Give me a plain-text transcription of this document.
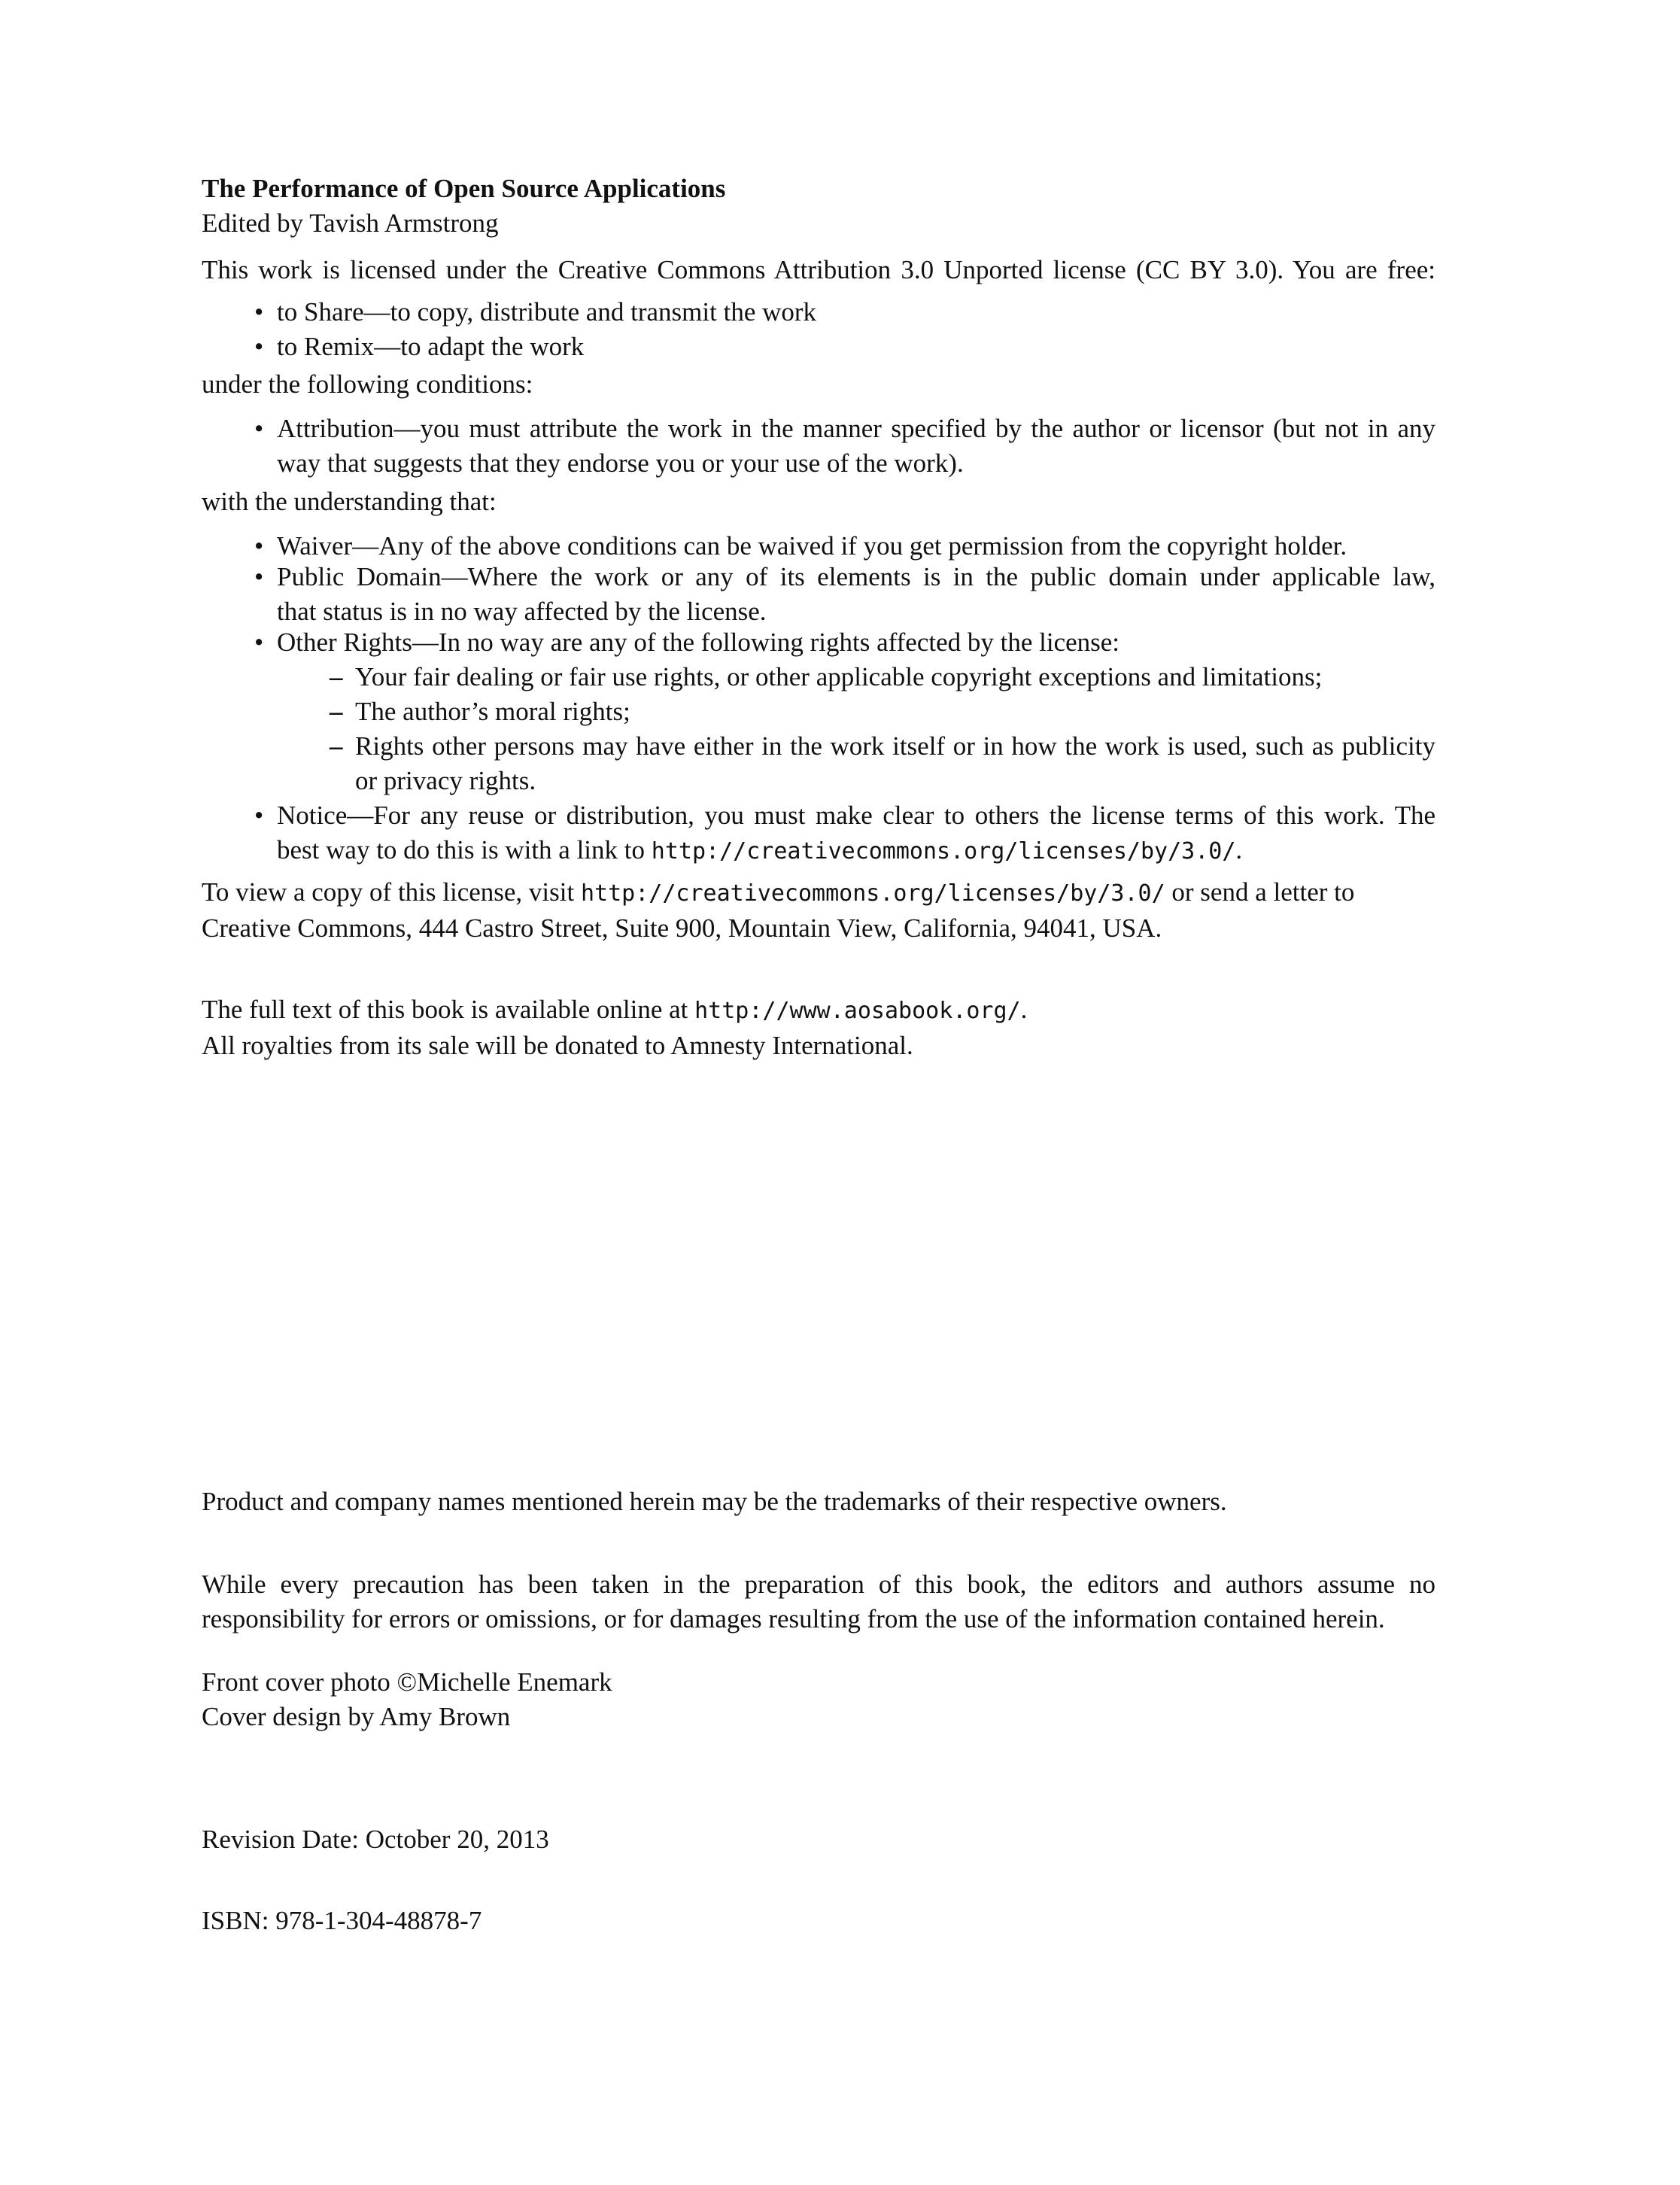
The Performance of Open Source Applications
Edited by Tavish Armstrong
This work is licensed under the Creative Commons Attribution 3.0 Unported license (CC BY 3.0). You are free:
• to Share—to copy, distribute and transmit the work
• to Remix—to adapt the work
under the following conditions:
• Attribution—you must attribute the work in the manner specified by the author or licensor (but not in any
way that suggests that they endorse you or your use of the work).
with the understanding that:
• Waiver—Any of the above conditions can be waived if you get permission from the copyright holder.
• Public Domain—Where the work or any of its elements is in the public domain under applicable law,
that status is in no way affected by the license.
• Other Rights—In no way are any of the following rights affected by the license:
– Your fair dealing or fair use rights, or other applicable copyright exceptions and limitations;
– The author’s moral rights;
– Rights other persons may have either in the work itself or in how the work is used, such as publicity
or privacy rights.
• Notice—For any reuse or distribution, you must make clear to others the license terms of this work. The
best way to do this is with a link to http://creativecommons.org/licenses/by/3.0/.
To view a copy of this license, visit http://creativecommons.org/licenses/by/3.0/ or send a letter to
Creative Commons, 444 Castro Street, Suite 900, Mountain View, California, 94041, USA.
The full text of this book is available online at http://www.aosabook.org/.
All royalties from its sale will be donated to Amnesty International.
Product and company names mentioned herein may be the trademarks of their respective owners.
While every precaution has been taken in the preparation of this book, the editors and authors assume no
responsibility for errors or omissions, or for damages resulting from the use of the information contained herein.
Front cover photo ©Michelle Enemark
Cover design by Amy Brown
Revision Date: October 20, 2013
ISBN: 978-1-304-48878-7
